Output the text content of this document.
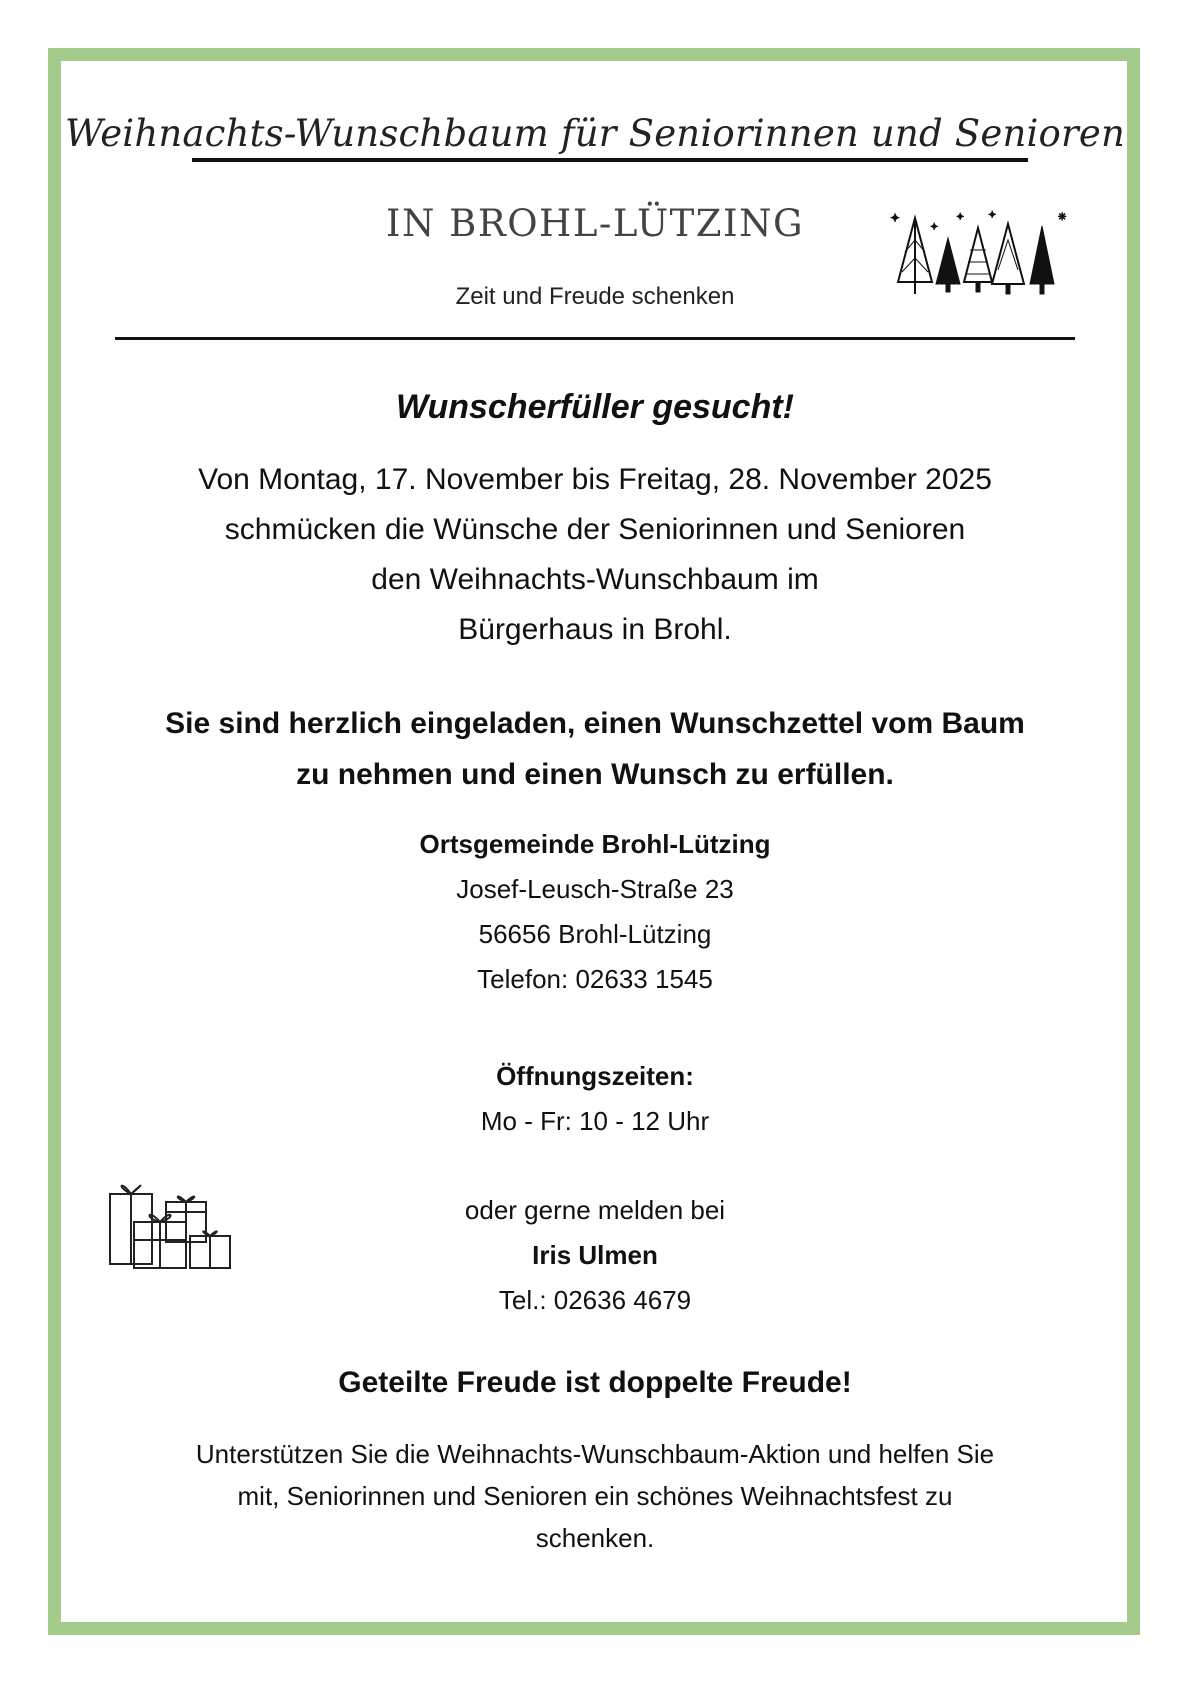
Weihnachts-Wunschbaum für Seniorinnen und Senioren
IN BROHL-LÜTZING
Zeit und Freude schenken
✦
✦
✦ ✦	✳
Wunscherfüller gesucht!
Von Montag, 17. November bis Freitag, 28. November 2025
schmücken die Wünsche der Seniorinnen und Senioren
den Weihnachts-Wunschbaum im
Bürgerhaus in Brohl.
Sie sind herzlich eingeladen, einen Wunschzettel vom Baum
zu nehmen und einen Wunsch zu erfüllen.
Ortsgemeinde Brohl-Lützing
Josef-Leusch-Straße 23
56656 Brohl-Lützing
Telefon: 02633 1545
Öffnungszeiten:
Mo - Fr: 10 - 12 Uhr
oder gerne melden bei
Iris Ulmen
Tel.: 02636 4679
Geteilte Freude ist doppelte Freude!
Unterstützen Sie die Weihnachts-Wunschbaum-Aktion und helfen Sie
mit, Seniorinnen und Senioren ein schönes Weihnachtsfest zu
schenken.
